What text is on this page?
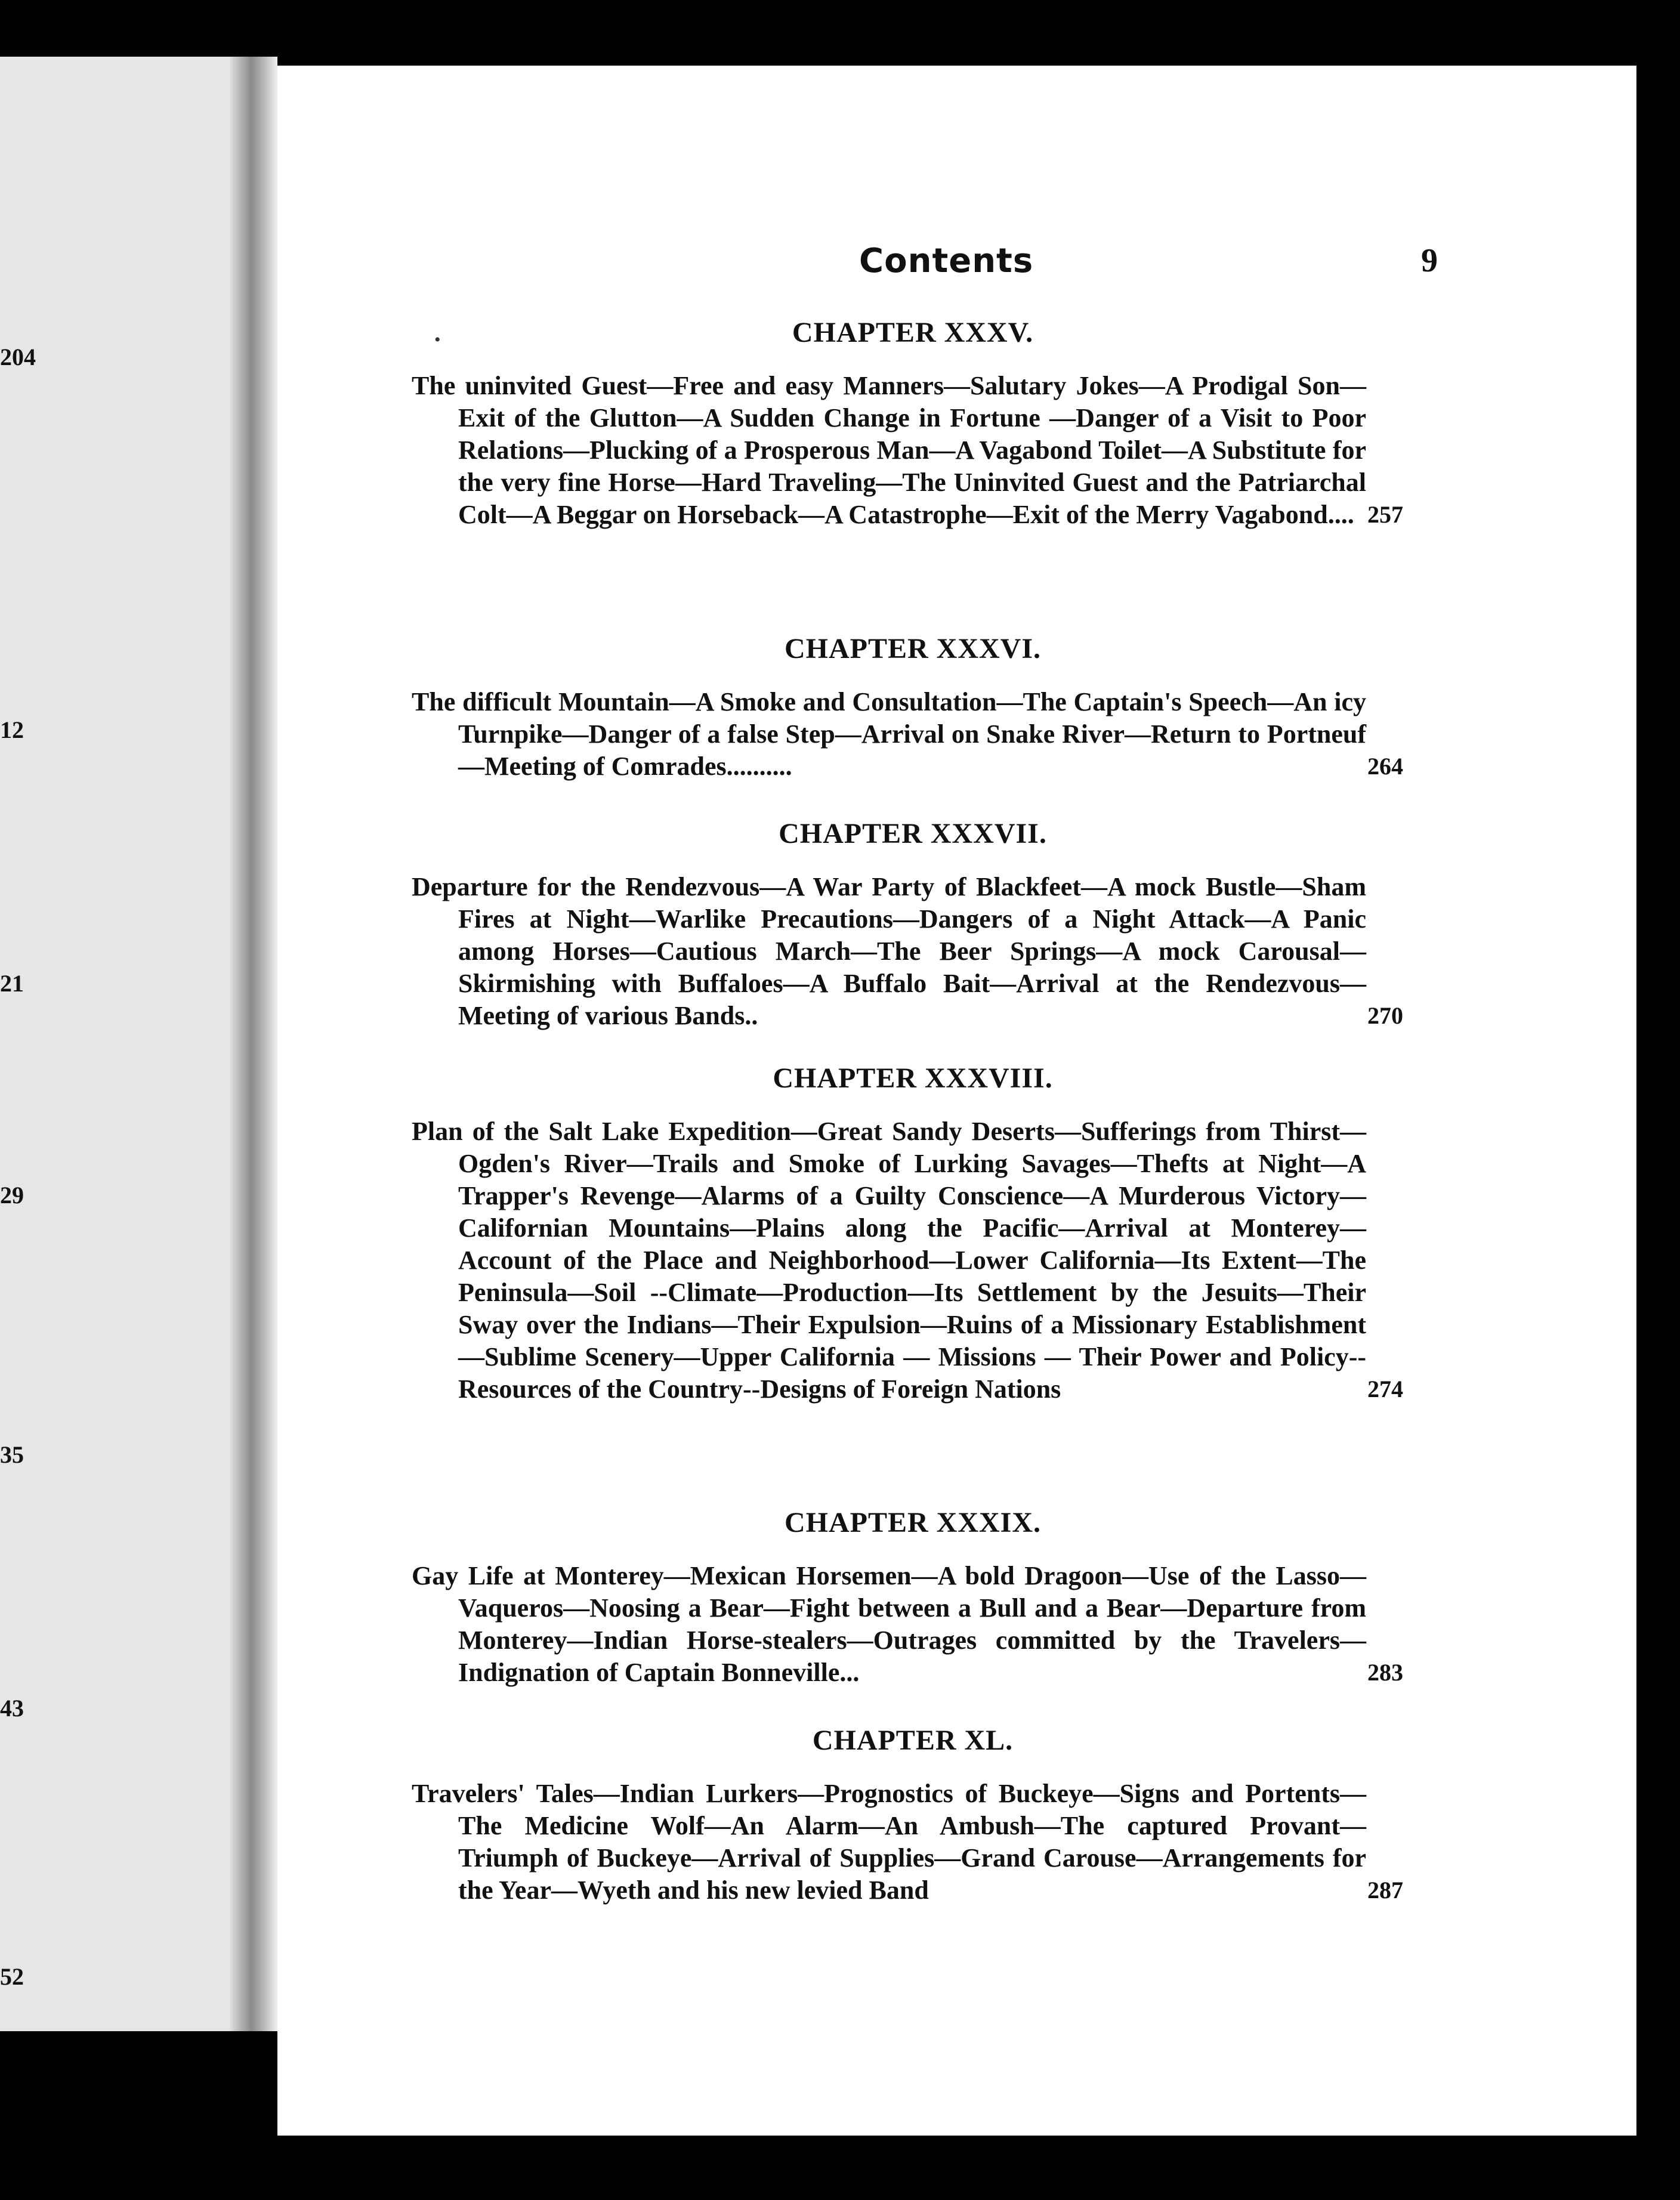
204
12
21
29
35
43
52
•
Contents	9
CHAPTER XXXV.
The uninvited Guest—Free and easy Manners—Salutary Jokes—A Prodigal Son—Exit of the Glutton—A Sudden Change in Fortune —Danger of a Visit to Poor Relations—Plucking of a Prosperous Man—A Vagabond Toilet—A Substitute for the very fine Horse—Hard Traveling—The Uninvited Guest and the Patriarchal Colt—A Beggar on Horseback—A Catastrophe—Exit of the Merry Vagabond.... 257
CHAPTER XXXVI.
The difficult Mountain—A Smoke and Consultation—The Captain's Speech—An icy Turnpike—Danger of a false Step—Arrival on Snake River—Return to Portneuf—Meeting of Comrades..........	264
CHAPTER XXXVII.
Departure for the Rendezvous—A War Party of Blackfeet—A mock Bustle—Sham Fires at Night—Warlike Precautions—Dangers of a Night Attack—A Panic among Horses—Cautious March—The Beer Springs—A mock Carousal—Skirmishing with Buffaloes—A Buffalo Bait—Arrival at the Rendezvous—Meeting of various Bands..	270
CHAPTER XXXVIII.
Plan of the Salt Lake Expedition—Great Sandy Deserts—Sufferings from Thirst—Ogden's River—Trails and Smoke of Lurking Savages—Thefts at Night—A Trapper's Revenge—Alarms of a Guilty Conscience—A Murderous Victory—Californian Mountains—Plains along the Pacific—Arrival at Monterey—Account of the Place and Neighborhood—Lower California—Its Extent—The Peninsula—Soil --Climate—Production—Its Settlement by the Jesuits—Their Sway over the Indians—Their Expulsion—Ruins of a Missionary Establishment—Sublime Scenery—Upper California — Missions — Their Power and Policy--Resources of the Country--Designs of Foreign Nations	274
CHAPTER XXXIX.
Gay Life at Monterey—Mexican Horsemen—A bold Dragoon—Use of the Lasso—Vaqueros—Noosing a Bear—Fight between a Bull and a Bear—Departure from Monterey—Indian Horse-stealers—Outrages committed by the Travelers—Indignation of Captain Bonneville...	283
CHAPTER XL.
Travelers' Tales—Indian Lurkers—Prognostics of Buckeye—Signs and Portents—The Medicine Wolf—An Alarm—An Ambush—The captured Provant—Triumph of Buckeye—Arrival of Supplies—Grand Carouse—Arrangements for the Year—Wyeth and his new levied Band	287
